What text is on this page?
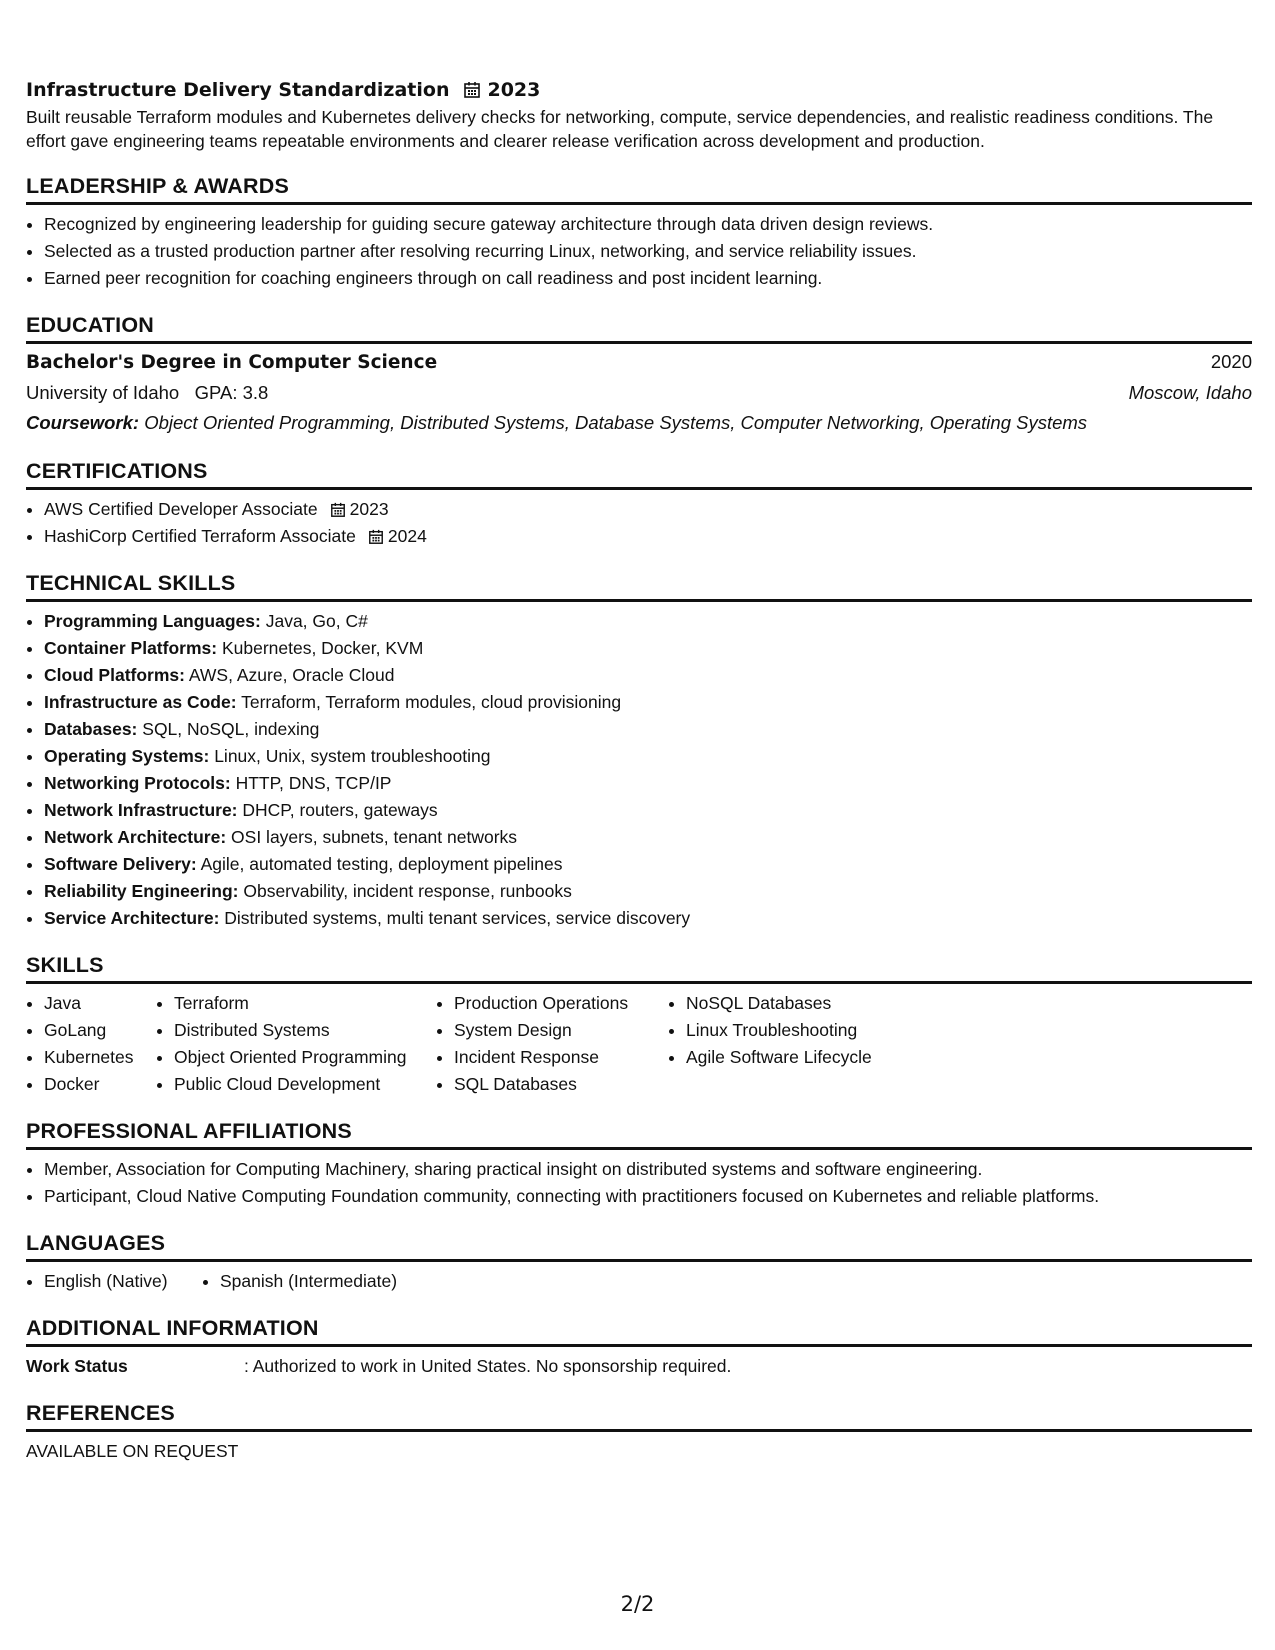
Infrastructure Delivery Standardization 2023
Built reusable Terraform modules and Kubernetes delivery checks for networking, compute, service dependencies, and realistic readiness conditions. The effort gave engineering teams repeatable environments and clearer release verification across development and production.
LEADERSHIP & AWARDS
• Recognized by engineering leadership for guiding secure gateway architecture through data driven design reviews.
• Selected as a trusted production partner after resolving recurring Linux, networking, and service reliability issues.
• Earned peer recognition for coaching engineers through on call readiness and post incident learning.
EDUCATION
Bachelor's Degree in Computer Science	2020
University of Idaho GPA: 3.8	Moscow, Idaho
Coursework: Object Oriented Programming, Distributed Systems, Database Systems, Computer Networking, Operating Systems
CERTIFICATIONS
• AWS Certified Developer Associate 2023
• HashiCorp Certified Terraform Associate 2024
TECHNICAL SKILLS
• Programming Languages: Java, Go, C#
• Container Platforms: Kubernetes, Docker, KVM
• Cloud Platforms: AWS, Azure, Oracle Cloud
• Infrastructure as Code: Terraform, Terraform modules, cloud provisioning
• Databases: SQL, NoSQL, indexing
• Operating Systems: Linux, Unix, system troubleshooting
• Networking Protocols: HTTP, DNS, TCP/IP
• Network Infrastructure: DHCP, routers, gateways
• Network Architecture: OSI layers, subnets, tenant networks
• Software Delivery: Agile, automated testing, deployment pipelines
• Reliability Engineering: Observability, incident response, runbooks
• Service Architecture: Distributed systems, multi tenant services, service discovery
SKILLS
• Java
• GoLang
• Kubernetes
• Docker
• Terraform
• Distributed Systems
• Object Oriented Programming
• Public Cloud Development
• Production Operations
• System Design
• Incident Response
• SQL Databases
• NoSQL Databases
• Linux Troubleshooting
• Agile Software Lifecycle
PROFESSIONAL AFFILIATIONS
• Member, Association for Computing Machinery, sharing practical insight on distributed systems and software engineering.
• Participant, Cloud Native Computing Foundation community, connecting with practitioners focused on Kubernetes and reliable platforms.
LANGUAGES
• English (Native)
•	Spanish (Intermediate)
ADDITIONAL INFORMATION
Work Status	: Authorized to work in United States. No sponsorship required.
REFERENCES
AVAILABLE ON REQUEST
2/2
